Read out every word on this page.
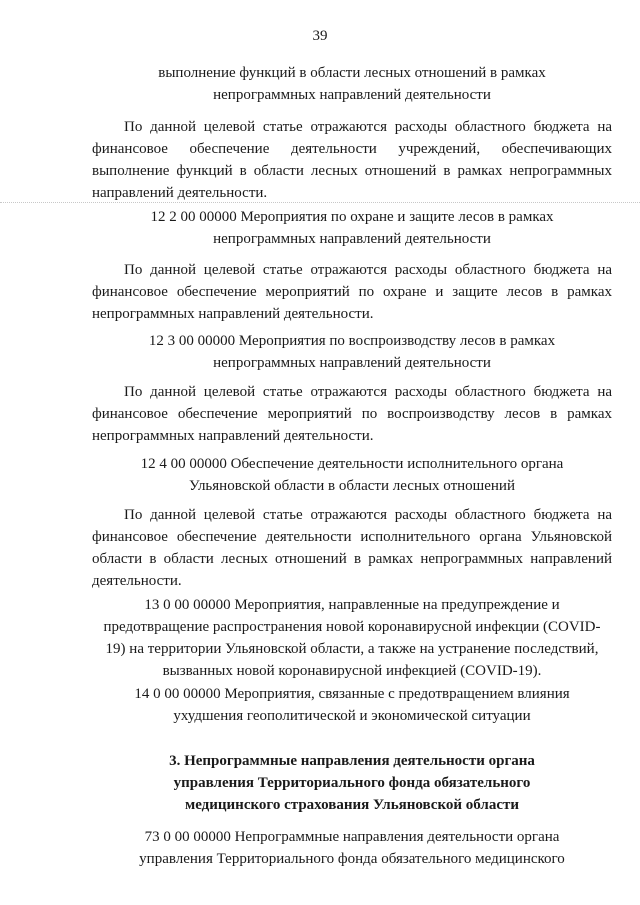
39
выполнение функций в области лесных отношений в рамках
непрограммных направлений деятельности
По данной целевой статье отражаются расходы областного бюджета на финансовое обеспечение деятельности учреждений, обеспечивающих выполнение функций в области лесных отношений в рамках непрограммных направлений деятельности.
12 2 00 00000 Мероприятия по охране и защите лесов в рамках
непрограммных направлений деятельности
По данной целевой статье отражаются расходы областного бюджета на финансовое обеспечение мероприятий по охране и защите лесов в рамках непрограммных направлений деятельности.
12 3 00 00000 Мероприятия по воспроизводству лесов в рамках
непрограммных направлений деятельности
По данной целевой статье отражаются расходы областного бюджета на финансовое обеспечение мероприятий по воспроизводству лесов в рамках непрограммных направлений деятельности.
12 4 00 00000 Обеспечение деятельности исполнительного органа
Ульяновской области в области лесных отношений
По данной целевой статье отражаются расходы областного бюджета на финансовое обеспечение деятельности исполнительного органа Ульяновской области в области лесных отношений в рамках непрограммных направлений деятельности.
13 0 00 00000 Мероприятия, направленные на предупреждение и
предотвращение распространения новой коронавирусной инфекции (COVID-
19) на территории Ульяновской области, а также на устранение последствий,
вызванных новой коронавирусной инфекцией (COVID-19).
14 0 00 00000 Мероприятия, связанные с предотвращением влияния
ухудшения геополитической и экономической ситуации
3. Непрограммные направления деятельности органа
управления Территориального фонда обязательного
медицинского страхования Ульяновской области
73 0 00 00000 Непрограммные направления деятельности органа
управления Территориального фонда обязательного медицинского
